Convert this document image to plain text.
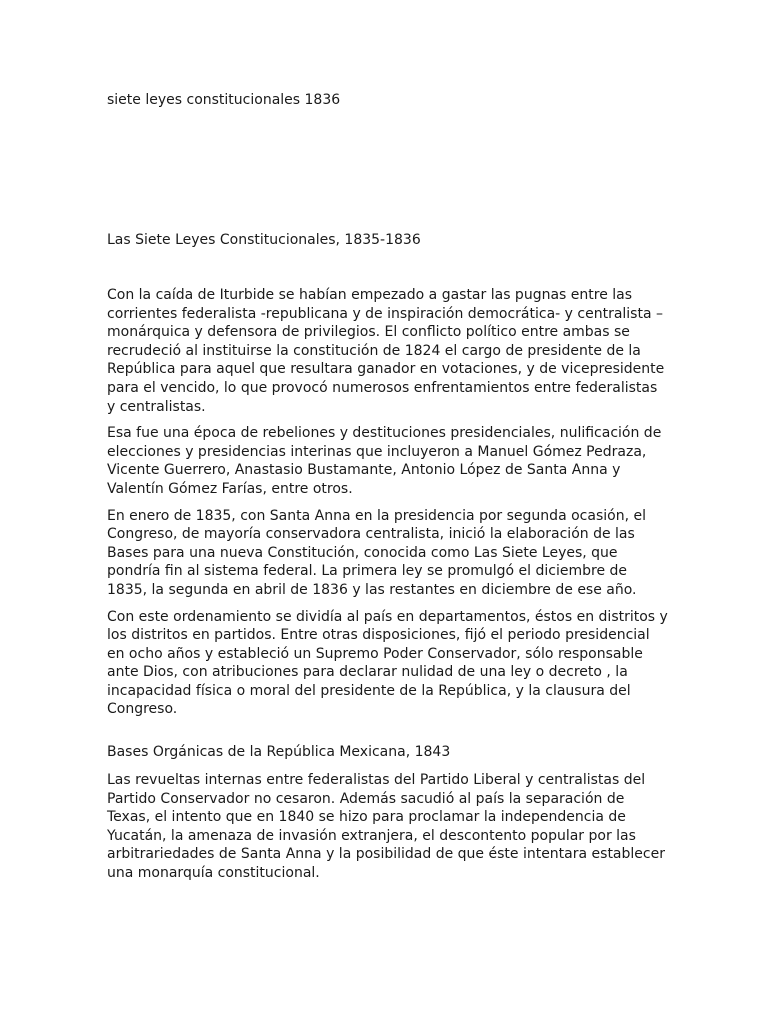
siete leyes constitucionales 1836
Las Siete Leyes Constitucionales, 1835-1836

Con la caída de Iturbide se habían empezado a gastar las pugnas entre las
corrientes federalista -republicana y de inspiración democrática- y centralista –
monárquica y defensora de privilegios. El conflicto político entre ambas se
recrudeció al instituirse la constitución de 1824 el cargo de presidente de la
República para aquel que resultara ganador en votaciones, y de vicepresidente
para el vencido, lo que provocó numerosos enfrentamientos entre federalistas
y centralistas.

Esa fue una época de rebeliones y destituciones presidenciales, nulificación de
elecciones y presidencias interinas que incluyeron a Manuel Gómez Pedraza,
Vicente Guerrero, Anastasio Bustamante, Antonio López de Santa Anna y
Valentín Gómez Farías, entre otros.

En enero de 1835, con Santa Anna en la presidencia por segunda ocasión, el
Congreso, de mayoría conservadora centralista, inició la elaboración de las
Bases para una nueva Constitución, conocida como Las Siete Leyes, que
pondría fin al sistema federal. La primera ley se promulgó el diciembre de
1835, la segunda en abril de 1836 y las restantes en diciembre de ese año.

Con este ordenamiento se dividía al país en departamentos, éstos en distritos y
los distritos en partidos. Entre otras disposiciones, fijó el periodo presidencial
en ocho años y estableció un Supremo Poder Conservador, sólo responsable
ante Dios, con atribuciones para declarar nulidad de una ley o decreto , la
incapacidad física o moral del presidente de la República, y la clausura del
Congreso.

Bases Orgánicas de la República Mexicana, 1843

Las revueltas internas entre federalistas del Partido Liberal y centralistas del
Partido Conservador no cesaron. Además sacudió al país la separación de
Texas, el intento que en 1840 se hizo para proclamar la independencia de
Yucatán, la amenaza de invasión extranjera, el descontento popular por las
arbitrariedades de Santa Anna y la posibilidad de que éste intentara establecer
una monarquía constitucional.
